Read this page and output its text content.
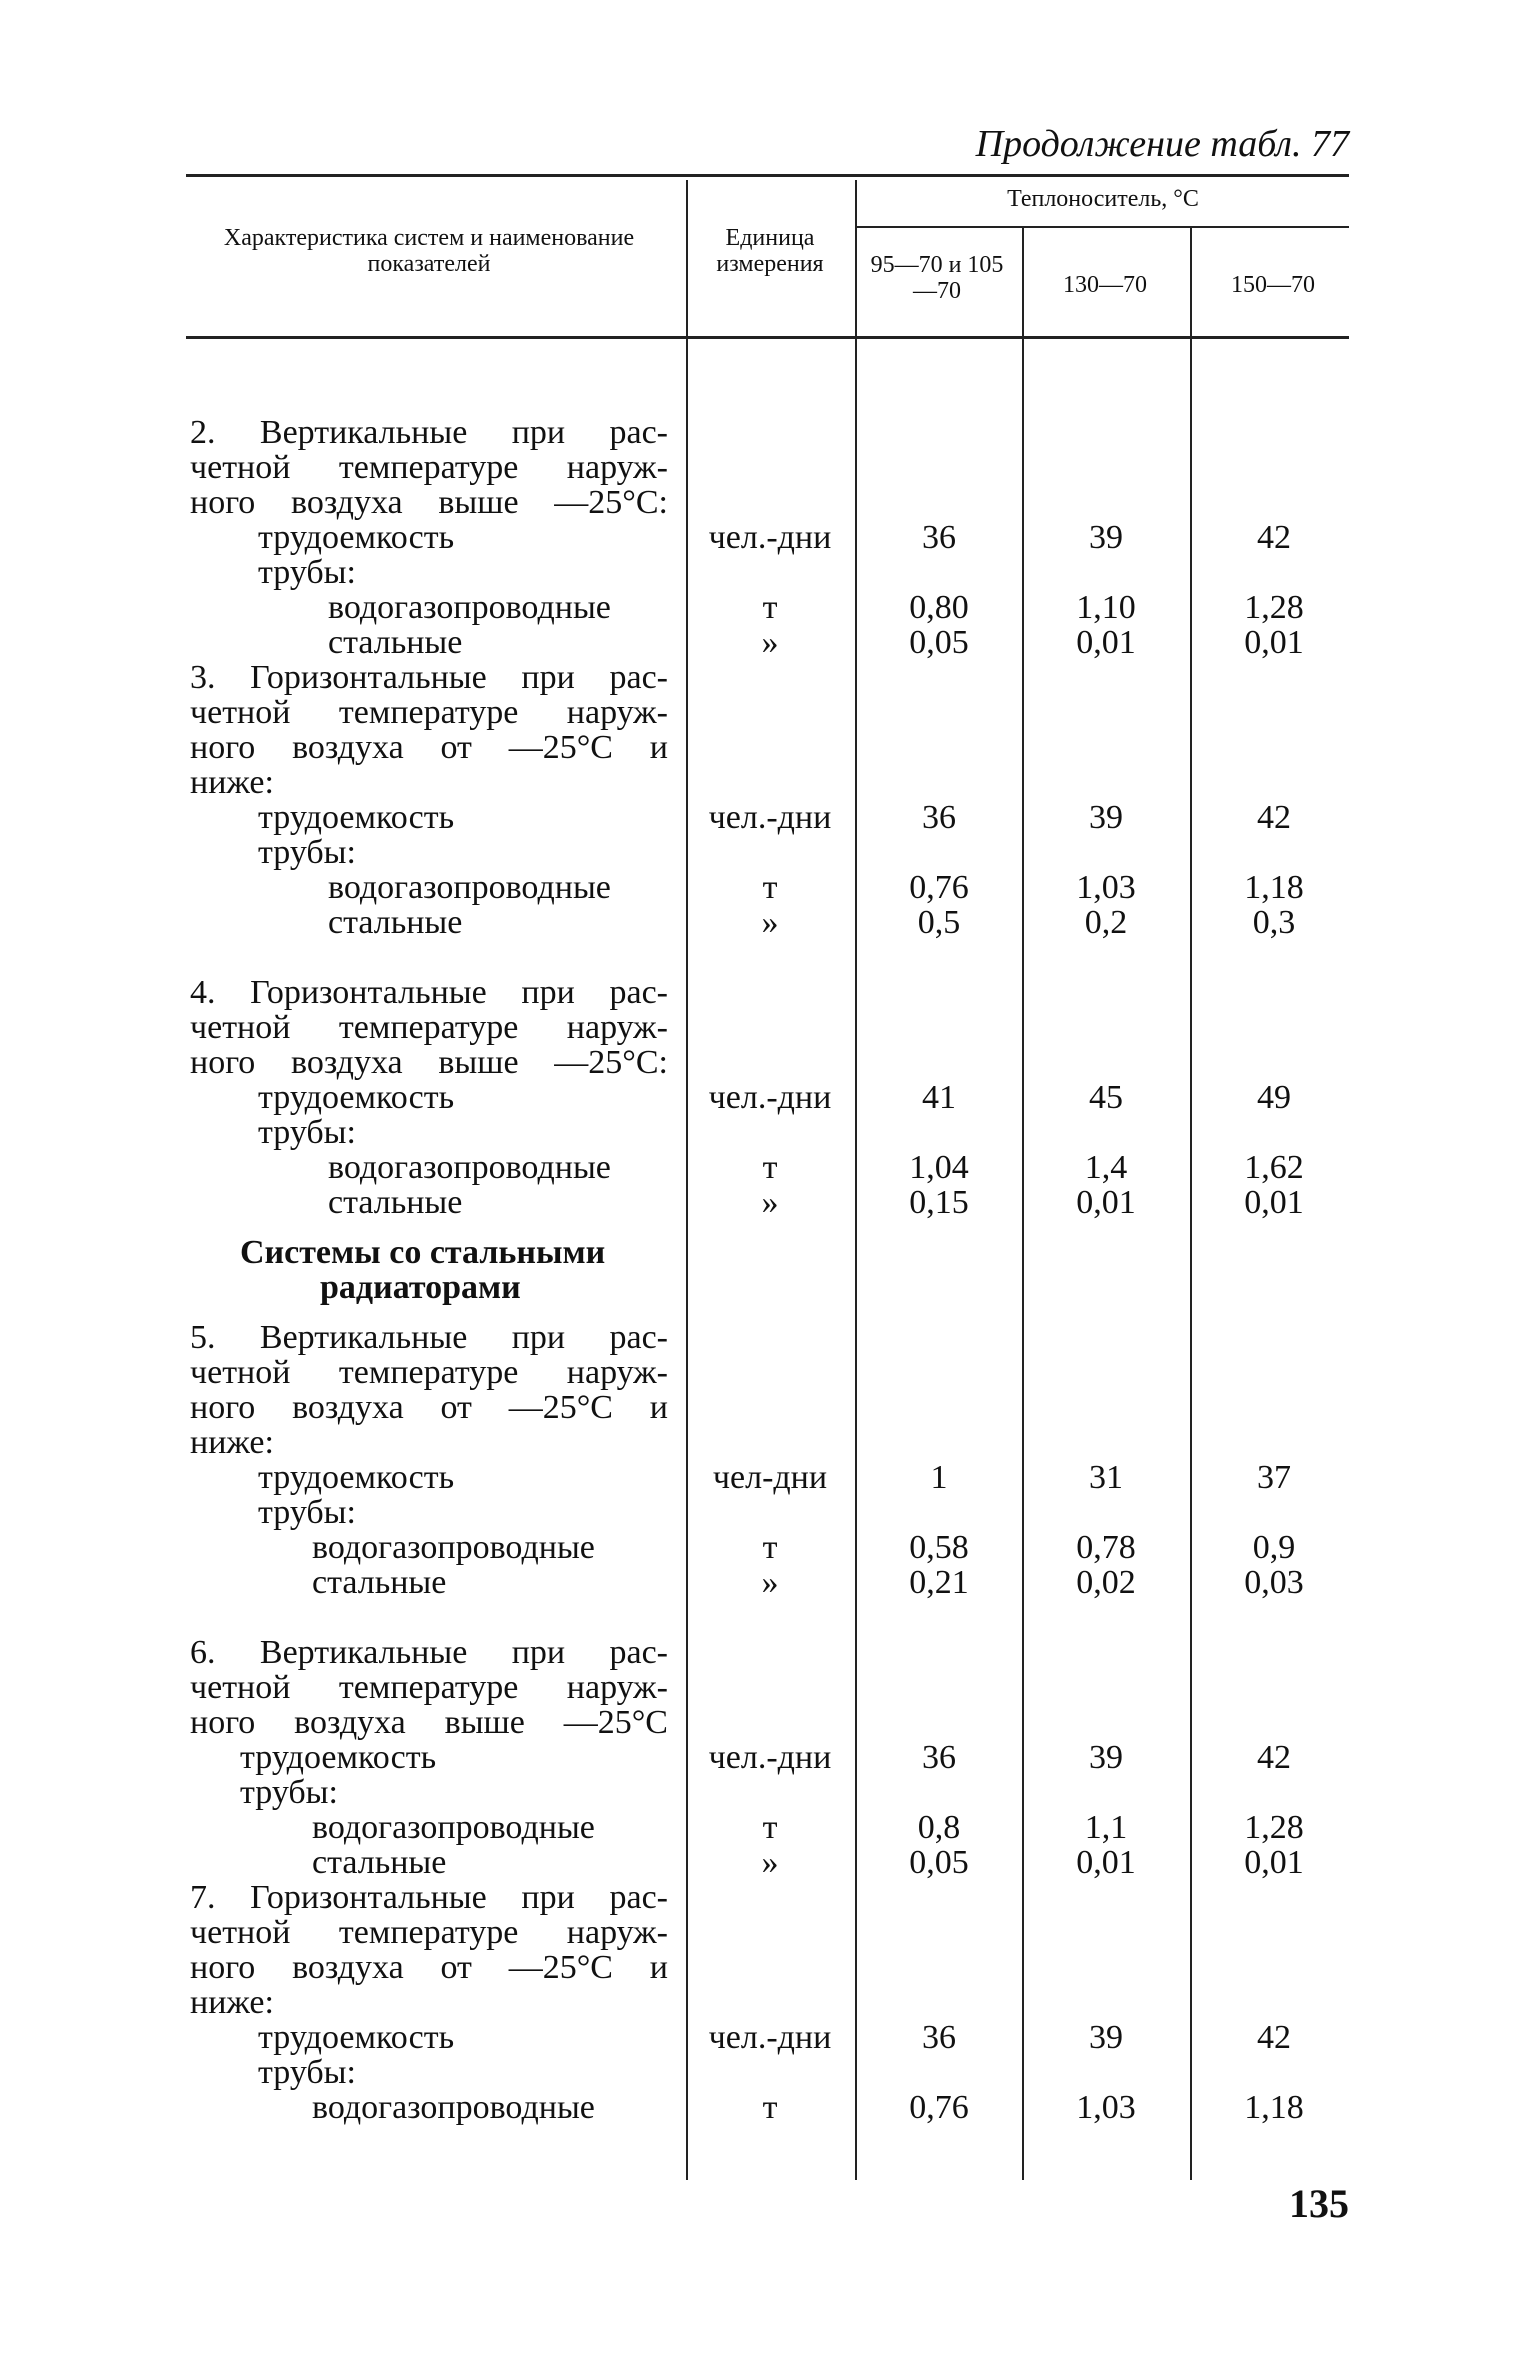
Продолжение табл. 77
Характеристика систем и наименование показателей
Единица измерения
Теплоноситель, °С
95—70 и 105—70	130—70	150—70
2. Вертикальные при рас-
четной температуре наруж-
ного воздуха выше —25°С:
трудоемкость	чел.-дни	36	39	42
трубы:
водогазопроводные	т	0,80	1,10	1,28
стальные	»	0,05	0,01	0,01
3. Горизонтальные при рас-
четной температуре наруж-
ного воздуха от —25°С и
ниже:
трудоемкость	чел.-дни	36	39	42
трубы:
водогазопроводные	т	0,76	1,03	1,18
стальные	»	0,5	0,2	0,3
4. Горизонтальные при рас-
четной температуре наруж-
ного воздуха выше —25°С:
трудоемкость	чел.-дни	41	45	49
трубы:
водогазопроводные	т	1,04	1,4	1,62
стальные	»	0,15	0,01	0,01
Системы со стальными
радиаторами
5. Вертикальные при рас-
четной температуре наруж-
ного воздуха от —25°С и
ниже:
трудоемкость	чел-дни	1	31	37
трубы:
водогазопроводные	т	0,58	0,78	0,9
стальные	»	0,21	0,02	0,03
6. Вертикальные при рас-
четной температуре наруж-
ного воздуха выше —25°С
трудоемкость	чел.-дни	36	39	42
трубы:
водогазопроводные	т	0,8	1,1	1,28
стальные	»	0,05	0,01	0,01
7. Горизонтальные при рас-
четной температуре наруж-
ного воздуха от —25°С и
ниже:
трудоемкость	чел.-дни	36	39	42
трубы:
водогазопроводные	т	0,76	1,03	1,18
135
